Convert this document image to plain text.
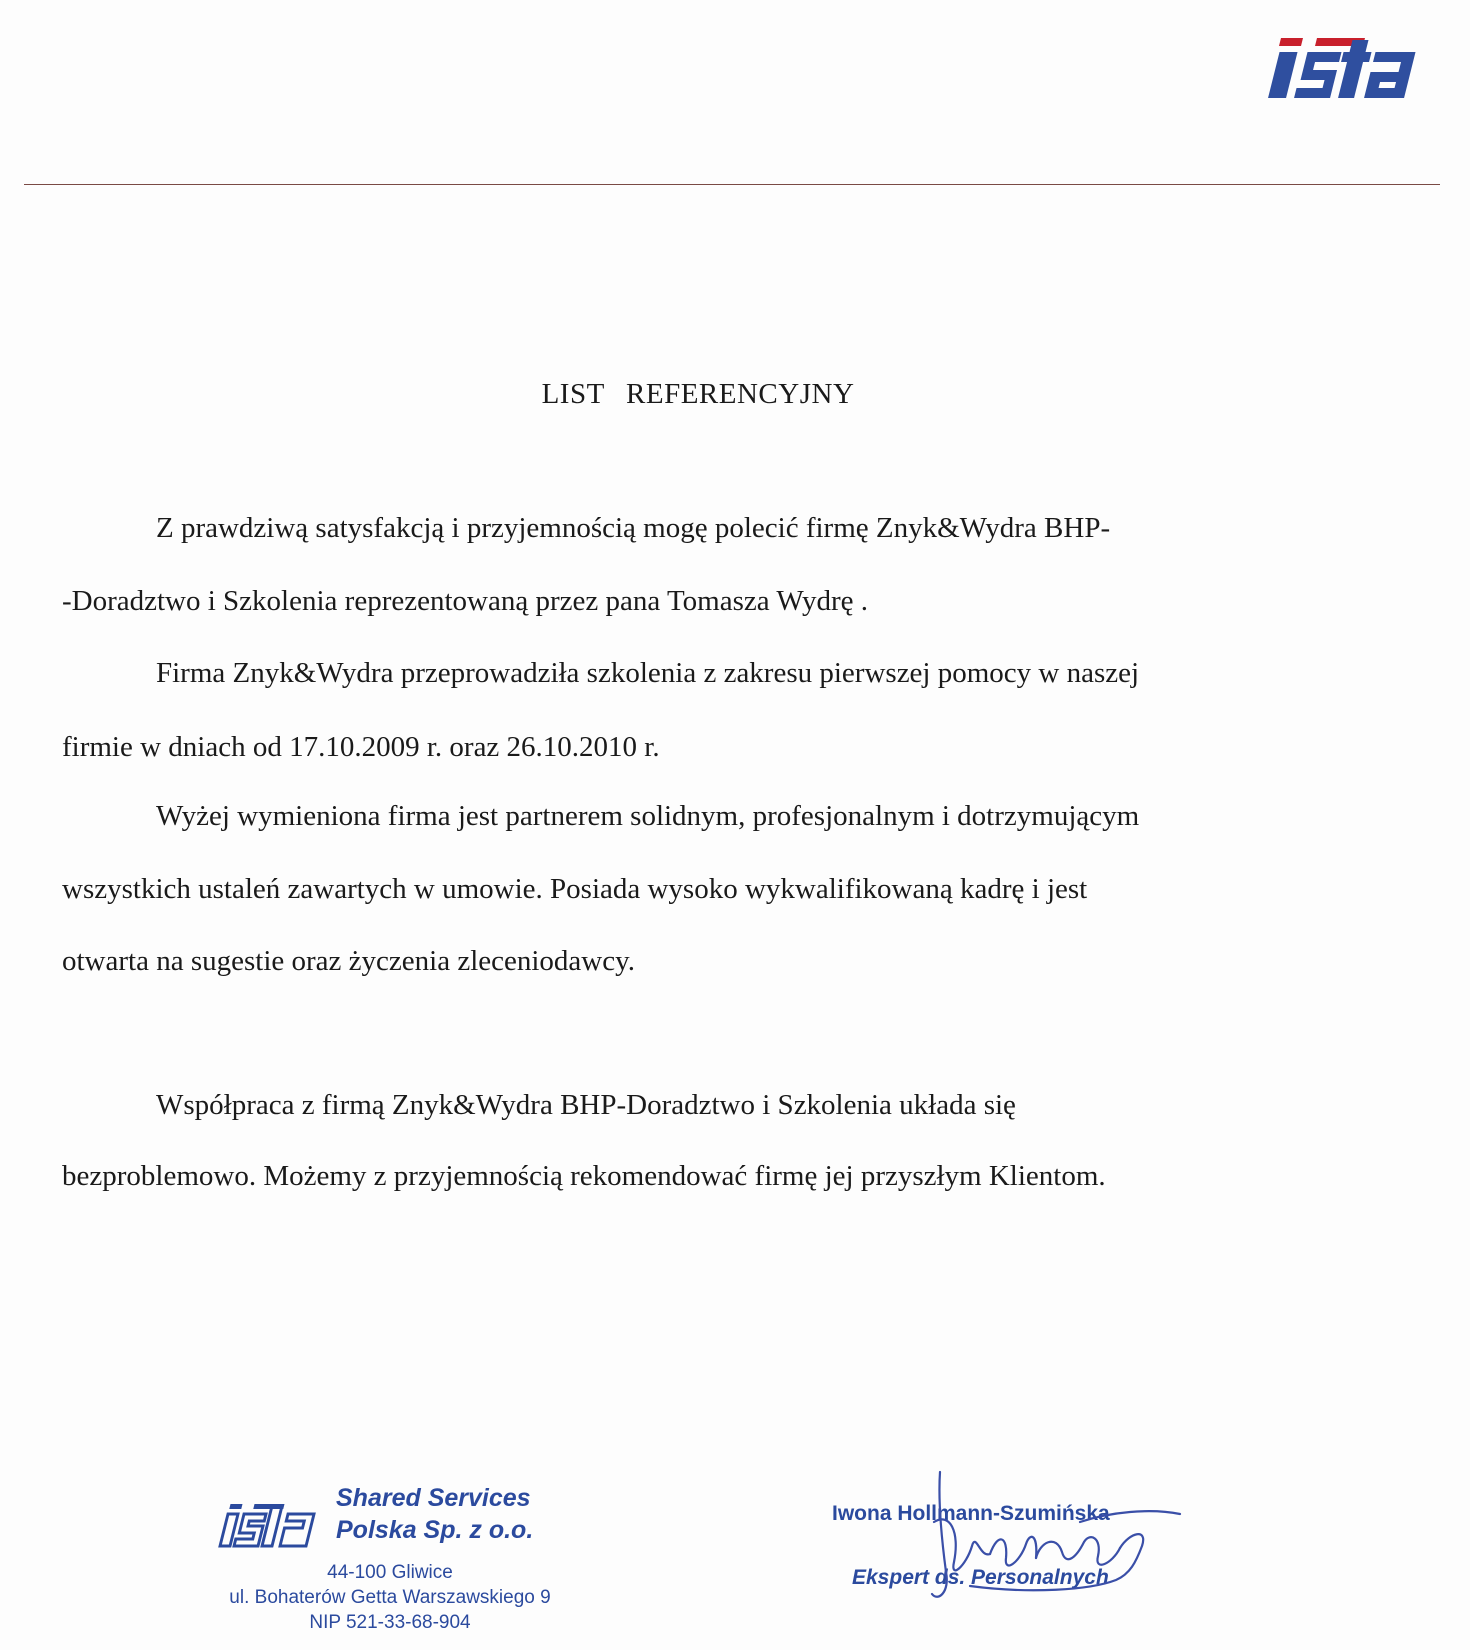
LIST REFERENCYJNY

Z prawdziwą satysfakcją i przyjemnością mogę polecić firmę Znyk&Wydra BHP-

-Doradztwo i Szkolenia reprezentowaną przez pana Tomasza Wydrę .

Firma Znyk&Wydra przeprowadziła szkolenia z zakresu pierwszej pomocy w naszej

firmie w dniach od 17.10.2009 r. oraz 26.10.2010 r.

Wyżej wymieniona firma jest partnerem solidnym, profesjonalnym i dotrzymującym

wszystkich ustaleń zawartych w umowie. Posiada wysoko wykwalifikowaną kadrę i jest

otwarta na sugestie oraz życzenia zleceniodawcy.

Współpraca z firmą Znyk&Wydra BHP-Doradztwo i Szkolenia układa się

bezproblemowo. Możemy z przyjemnością rekomendować firmę jej przyszłym Klientom.

Shared Services
Polska Sp. z o.o.
44-100 Gliwice
ul. Bohaterów Getta Warszawskiego 9
NIP 521-33-68-904
Iwona Hollmann-Szumińska
Ekspert ds. Personalnych
